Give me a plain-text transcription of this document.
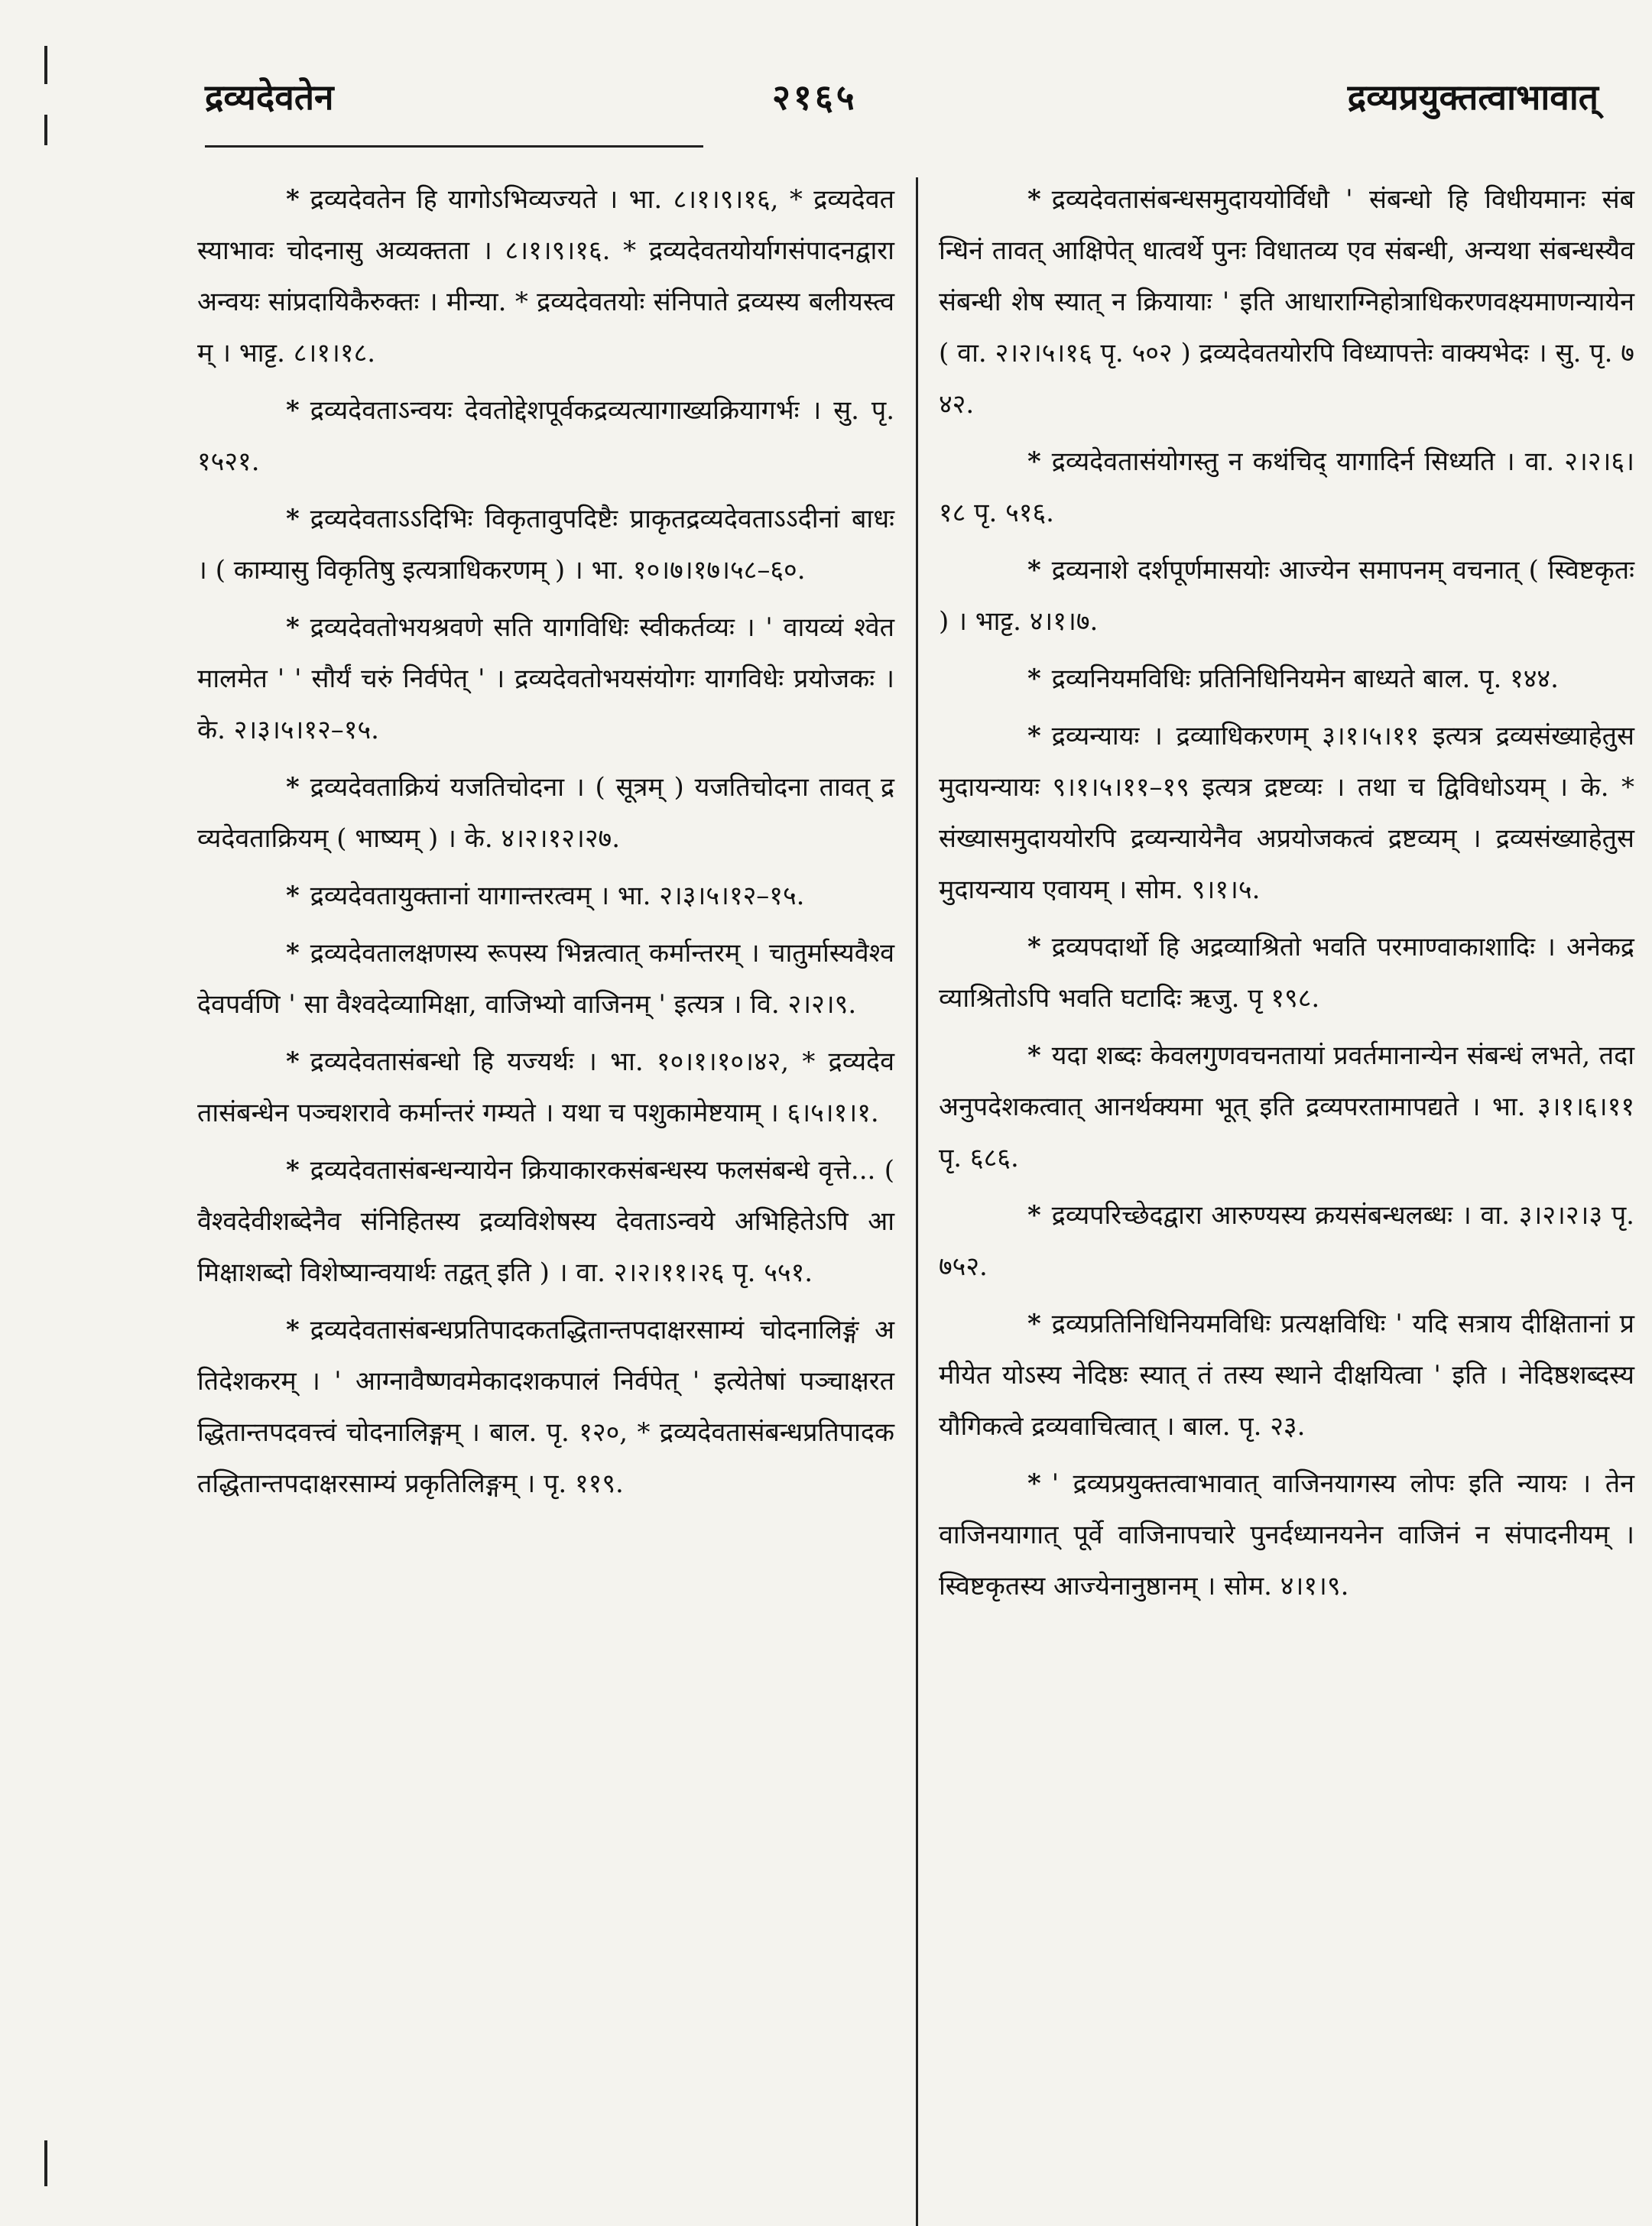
द्रव्यदेवतेन	२१६५	द्रव्यप्रयुक्तत्वाभावात्

* द्रव्यदेवतेन हि यागोऽभिव्यज्यते । भा. ८।१।९।१६, * द्रव्यदेवतस्याभावः चोदनासु अव्यक्तता । ८।१।९।१६. * द्रव्यदेवतयोर्यागसंपादनद्वारा अन्वयः सांप्रदायिकैरुक्तः । मीन्या. * द्रव्यदेवतयोः संनिपाते द्रव्यस्य बलीयस्त्वम् । भाट्ट. ८।१।१८.

* द्रव्यदेवताऽन्वयः देवतोद्देशपूर्वकद्रव्यत्यागाख्यक्रियागर्भः । सु. पृ. १५२१.

* द्रव्यदेवताऽऽदिभिः विकृतावुपदिष्टैः प्राकृतद्रव्यदेवताऽऽदीनां बाधः । ( काम्यासु विकृतिषु इत्यत्राधिकरणम् ) । भा. १०।७।१७।५८–६०.

* द्रव्यदेवतोभयश्रवणे सति यागविधिः स्वीकर्तव्यः । ' वायव्यं श्वेतमालमेत ' ' सौर्यं चरुं निर्वपेत् ' । द्रव्यदेवतोभयसंयोगः यागविधेः प्रयोजकः । के. २।३।५।१२–१५.

* द्रव्यदेवताक्रियं यजतिचोदना । ( सूत्रम् ) यजतिचोदना तावत् द्रव्यदेवताक्रियम् ( भाष्यम् ) । के. ४।२।१२।२७.

* द्रव्यदेवतायुक्तानां यागान्तरत्वम् । भा. २।३।५।१२–१५.

* द्रव्यदेवतालक्षणस्य रूपस्य भिन्नत्वात् कर्मान्तरम् । चातुर्मास्यवैश्वदेवपर्वणि ' सा वैश्वदेव्यामिक्षा, वाजिभ्यो वाजिनम् ' इत्यत्र । वि. २।२।९.

* द्रव्यदेवतासंबन्धो हि यज्यर्थः । भा. १०।१।१०।४२, * द्रव्यदेवतासंबन्धेन पञ्चशरावे कर्मान्तरं गम्यते । यथा च पशुकामेष्टयाम् । ६।५।१।१.

* द्रव्यदेवतासंबन्धन्यायेन क्रियाकारकसंबन्धस्य फलसंबन्धे वृत्ते... ( वैश्वदेवीशब्देनैव संनिहितस्य द्रव्यविशेषस्य देवताऽन्वये अभिहितेऽपि आमिक्षाशब्दो विशेष्यान्वयार्थः तद्वत् इति ) । वा. २।२।११।२६ पृ. ५५१.

* द्रव्यदेवतासंबन्धप्रतिपादकतद्धितान्तपदाक्षरसाम्यं चोदनालिङ्गं अतिदेशकरम् । ' आग्नावैष्णवमेकादशकपालं निर्वपेत् ' इत्येतेषां पञ्चाक्षरतद्धितान्तपदवत्त्वं चोदनालिङ्गम् । बाल. पृ. १२०, * द्रव्यदेवतासंबन्धप्रतिपादकतद्धितान्तपदाक्षरसाम्यं प्रकृतिलिङ्गम् । पृ. ११९.

* द्रव्यदेवतासंबन्धसमुदाययोर्विधौ ' संबन्धो हि विधीयमानः संबन्धिनं तावत् आक्षिपेत् धात्वर्थे पुनः विधातव्य एव संबन्धी, अन्यथा संबन्धस्यैव संबन्धी शेष स्यात् न क्रियायाः ' इति आधाराग्निहोत्राधिकरणवक्ष्यमाणन्यायेन ( वा. २।२।५।१६ पृ. ५०२ ) द्रव्यदेवतयोरपि विध्यापत्तेः वाक्यभेदः । सु. पृ. ७४२.

* द्रव्यदेवतासंयोगस्तु न कथंचिद् यागादिर्न सिध्यति । वा. २।२।६।१८ पृ. ५१६.

* द्रव्यनाशे दर्शपूर्णमासयोः आज्येन समापनम् वचनात् ( स्विष्टकृतः ) । भाट्ट. ४।१।७.

* द्रव्यनियमविधिः प्रतिनिधिनियमेन बाध्यते बाल. पृ. १४४.

* द्रव्यन्यायः । द्रव्याधिकरणम् ३।१।५।११ इत्यत्र द्रव्यसंख्याहेतुसमुदायन्यायः ९।१।५।११–१९ इत्यत्र द्रष्टव्यः । तथा च द्विविधोऽयम् । के. * संख्यासमुदाययोरपि द्रव्यन्यायेनैव अप्रयोजकत्वं द्रष्टव्यम् । द्रव्यसंख्याहेतुसमुदायन्याय एवायम् । सोम. ९।१।५.

* द्रव्यपदार्थो हि अद्रव्याश्रितो भवति परमाण्वाकाशादिः । अनेकद्रव्याश्रितोऽपि भवति घटादिः ऋजु. पृ १९८.

* यदा शब्दः केवलगुणवचनतायां प्रवर्तमानान्येन संबन्धं लभते, तदा अनुपदेशकत्वात् आनर्थक्यमा भूत् इति द्रव्यपरतामापद्यते । भा. ३।१।६।११ पृ. ६८६.

* द्रव्यपरिच्छेदद्वारा आरुण्यस्य क्रयसंबन्धलब्धः । वा. ३।२।२।३ पृ. ७५२.

* द्रव्यप्रतिनिधिनियमविधिः प्रत्यक्षविधिः ' यदि सत्राय दीक्षितानां प्रमीयेत योऽस्य नेदिष्ठः स्यात् तं तस्य स्थाने दीक्षयित्वा ' इति । नेदिष्ठशब्दस्य यौगिकत्वे द्रव्यवाचित्वात् । बाल. पृ. २३.

* ' द्रव्यप्रयुक्तत्वाभावात् वाजिनयागस्य लोपः इति न्यायः । तेन वाजिनयागात् पूर्वे वाजिनापचारे पुनर्दध्यानयनेन वाजिनं न संपादनीयम् । स्विष्टकृतस्य आज्येनानुष्ठानम् । सोम. ४।१।९.
